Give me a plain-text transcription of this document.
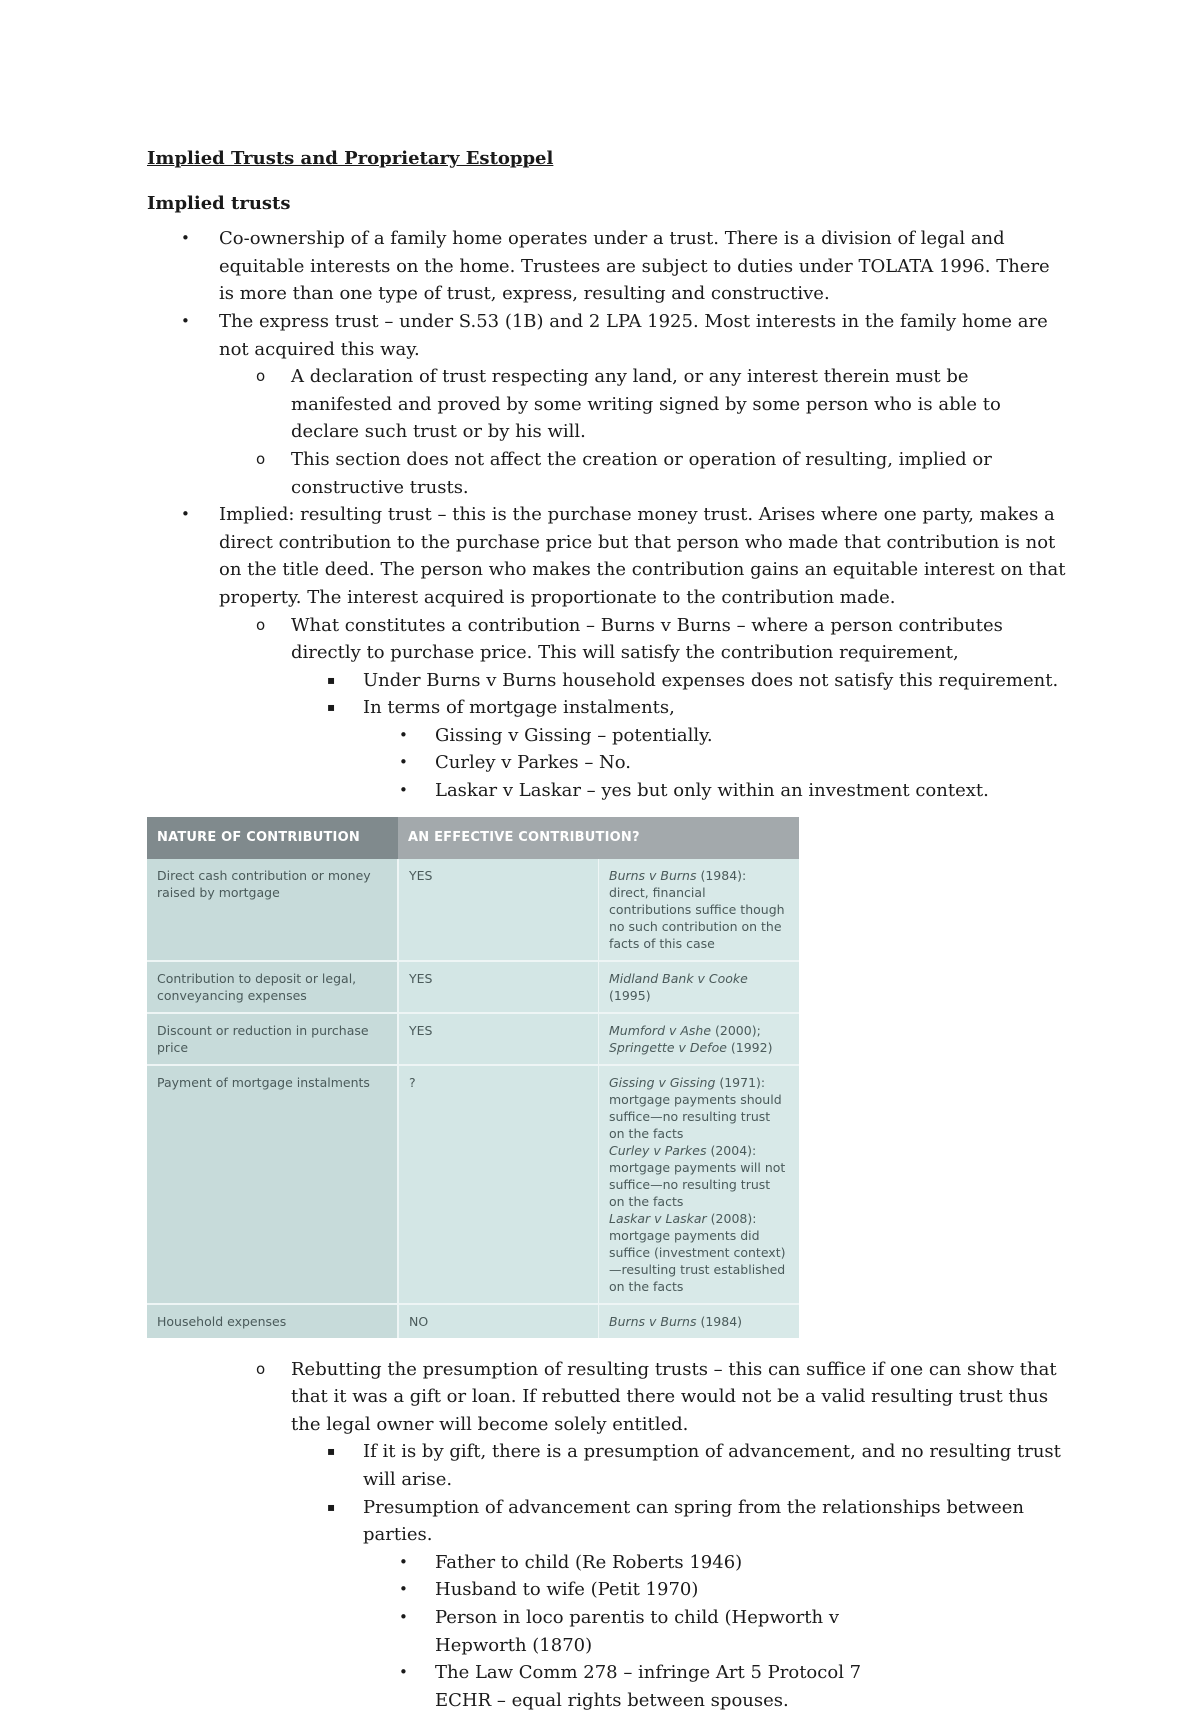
Implied Trusts and Proprietary Estoppel

Implied trusts

• Co-ownership of a family home operates under a trust. There is a division of legal and equitable interests on the home. Trustees are subject to duties under TOLATA 1996. There is more than one type of trust, express, resulting and constructive.
• The express trust – under S.53 (1B) and 2 LPA 1925. Most interests in the family home are not acquired this way.
o A declaration of trust respecting any land, or any interest therein must be manifested and proved by some writing signed by some person who is able to declare such trust or by his will.
o This section does not affect the creation or operation of resulting, implied or constructive trusts.
• Implied: resulting trust – this is the purchase money trust. Arises where one party, makes a direct contribution to the purchase price but that person who made that contribution is not on the title deed. The person who makes the contribution gains an equitable interest on that property. The interest acquired is proportionate to the contribution made.
o What constitutes a contribution – Burns v Burns – where a person contributes directly to purchase price. This will satisfy the contribution requirement,
▪ Under Burns v Burns household expenses does not satisfy this requirement.
▪ In terms of mortgage instalments,
• Gissing v Gissing – potentially.
• Curley v Parkes – No.
• Laskar v Laskar – yes but only within an investment context.
NATURE OF CONTRIBUTION	AN EFFECTIVE CONTRIBUTION?	
Direct cash contribution or money raised by mortgage	YES	Burns v Burns (1984): direct, financial contributions suffice though no such contribution on the facts of this case
Contribution to deposit or legal, conveyancing expenses	YES	Midland Bank v Cooke (1995)
Discount or reduction in purchase price	YES	Mumford v Ashe (2000); Springette v Defoe (1992)
Payment of mortgage instalments	?	Gissing v Gissing (1971): mortgage payments should suffice—no resulting trust on the facts
Curley v Parkes (2004): mortgage payments will not suffice—no resulting trust on the facts
Laskar v Laskar (2008): mortgage payments did suffice (investment context)—resulting trust established on the facts
Household expenses	NO	Burns v Burns (1984)
o Rebutting the presumption of resulting trusts – this can suffice if one can show that that it was a gift or loan. If rebutted there would not be a valid resulting trust thus the legal owner will become solely entitled.
▪ If it is by gift, there is a presumption of advancement, and no resulting trust will arise.
▪ Presumption of advancement can spring from the relationships between parties.
• Father to child (Re Roberts 1946)
• Husband to wife (Petit 1970)
• Person in loco parentis to child (Hepworth v Hepworth (1870)
• The Law Comm 278 – infringe Art 5 Protocol 7 ECHR – equal rights between spouses.
